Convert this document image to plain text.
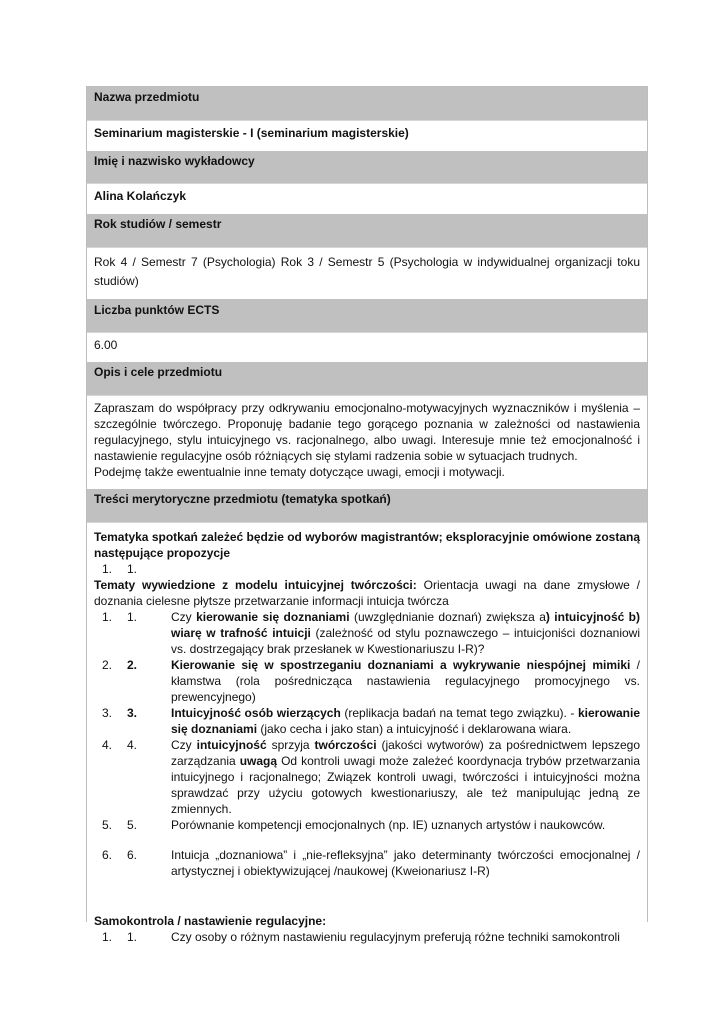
Nazwa przedmiotu
Seminarium magisterskie - I (seminarium magisterskie)
Imię i nazwisko wykładowcy
Alina Kolańczyk
Rok studiów / semestr
Rok 4 / Semestr 7 (Psychologia) Rok 3 / Semestr 5 (Psychologia w indywidualnej organizacji toku studiów)
Liczba punktów ECTS
6.00
Opis i cele przedmiotu

Zapraszam do współpracy przy odkrywaniu emocjonalno-motywacyjnych wyznaczników i myślenia – szczególnie twórczego. Proponuję badanie tego gorącego poznania w zależności od nastawienia regulacyjnego, stylu intuicyjnego vs. racjonalnego, albo uwagi. Interesuje mnie też emocjonalność i nastawienie regulacyjne osób różniących się stylami radzenia sobie w sytuacjach trudnych.

Podejmę także ewentualnie inne tematy dotyczące uwagi, emocji i motywacji.

Treści merytoryczne przedmiotu (tematyka spotkań)

Tematyka spotkań zależeć będzie od wyborów magistrantów; eksploracyjnie omówione zostaną następujące propozycje

1.	1.

Tematy wywiedzione z modelu intuicyjnej twórczości: Orientacja uwagi na dane zmysłowe / doznania cielesne płytsze przetwarzanie informacji intuicja twórcza

1.	1.	Czy kierowanie się doznaniami (uwzględnianie doznań) zwiększa a) intuicyjność b) wiarę w trafność intuicji (zależność od stylu poznawczego – intuicjoniści doznaniowi vs. dostrzegający brak przesłanek w Kwestionariuszu I-R)?
2.	2.	Kierowanie się w spostrzeganiu doznaniami a wykrywanie niespójnej mimiki / kłamstwa (rola pośrednicząca nastawienia regulacyjnego promocyjnego vs. prewencyjnego)
3.	3.	Intuicyjność osób wierzących (replikacja badań na temat tego związku). - kierowanie się doznaniami (jako cecha i jako stan) a intuicyjność i deklarowana wiara.
4.	4.	Czy intuicyjność sprzyja twórczości (jakości wytworów) za pośrednictwem lepszego zarządzania uwagą Od kontroli uwagi może zależeć koordynacja trybów przetwarzania intuicyjnego i racjonalnego; Związek kontroli uwagi, twórczości i intuicyjności można sprawdzać przy użyciu gotowych kwestionariuszy, ale też manipulując jedną ze zmiennych.
5.	5.	Porównanie kompetencji emocjonalnych (np. IE) uznanych artystów i naukowców.
6.	6.	Intuicja „doznaniowa” i „nie-refleksyjna” jako determinanty twórczości emocjonalnej / artystycznej i obiektywizującej /naukowej (Kweionariusz I-R)

Samokontrola / nastawienie regulacyjne:

1.	1.	Czy osoby o różnym nastawieniu regulacyjnym preferują różne techniki samokontroli
